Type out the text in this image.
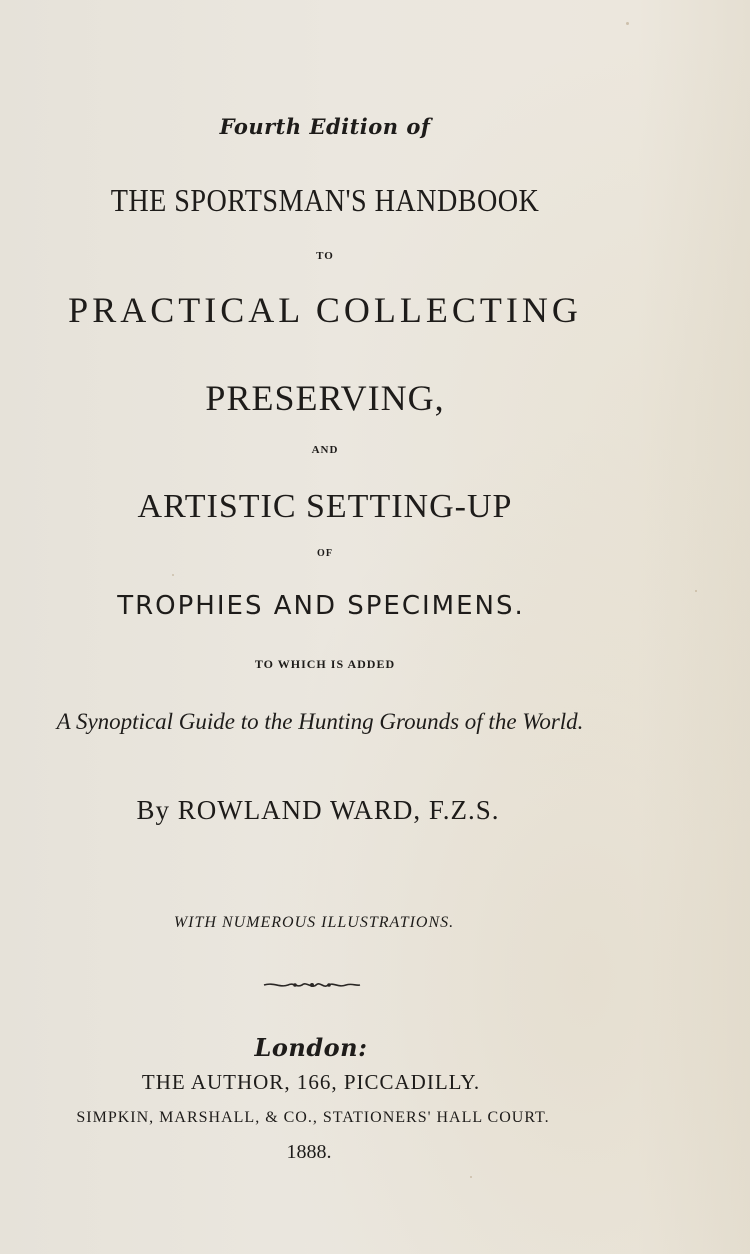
Fourth Edition of
THE SPORTSMAN'S HANDBOOK
TO
PRACTICAL COLLECTING
PRESERVING,
AND
ARTISTIC SETTING-UP
OF
TROPHIES AND SPECIMENS.
TO WHICH IS ADDED
A Synoptical Guide to the Hunting Grounds of the World.
By ROWLAND WARD, F.Z.S.
WITH NUMEROUS ILLUSTRATIONS.
London:
THE AUTHOR, 166, PICCADILLY.
SIMPKIN, MARSHALL, & CO., STATIONERS' HALL COURT.
1888.
